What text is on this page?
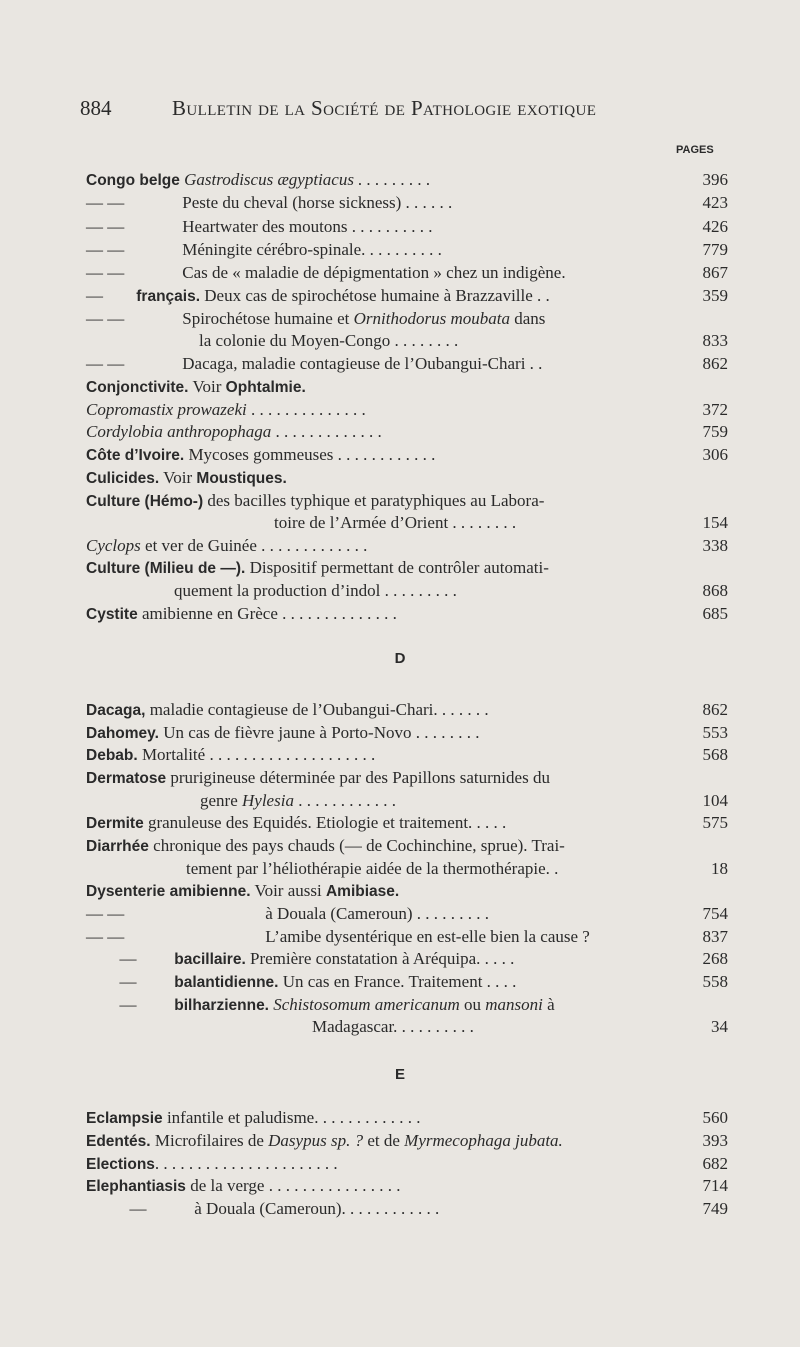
884	Bulletin de la Société de Pathologie exotique
PAGES
Congo belge Gastrodiscus ægyptiacus . . . . . . . . .	396
— —	Peste du cheval (horse sickness) . . . . . .	423
— —	Heartwater des moutons . . . . . . . . . .	426
— —	Méningite cérébro-spinale. . . . . . . . . .	779
— —	Cas de « maladie de dépigmentation » chez un indigène.	867
— français. Deux cas de spirochétose humaine à Brazzaville . .	359
— —	Spirochétose humaine et Ornithodorus moubata dans
la colonie du Moyen-Congo . . . . . . . .	833
— —	Dacaga, maladie contagieuse de l’Oubangui-Chari . .	862
Conjonctivite. Voir Ophtalmie.
Copromastix prowazeki . . . . . . . . . . . . . .	372
Cordylobia anthropophaga . . . . . . . . . . . . .	759
Côte d’Ivoire. Mycoses gommeuses . . . . . . . . . . . .	306
Culicides. Voir Moustiques.
Culture (Hémo-) des bacilles typhique et paratyphiques au Labora-
toire de l’Armée d’Orient . . . . . . . .	154
Cyclops et ver de Guinée . . . . . . . . . . . . .	338
Culture (Milieu de —). Dispositif permettant de contrôler automati-
quement la production d’indol . . . . . . . . .	868
Cystite amibienne en Grèce . . . . . . . . . . . . . .	685
D
Dacaga, maladie contagieuse de l’Oubangui-Chari. . . . . . .	862
Dahomey. Un cas de fièvre jaune à Porto-Novo . . . . . . . .	553
Debab. Mortalité . . . . . . . . . . . . . . . . . . . .	568
Dermatose prurigineuse déterminée par des Papillons saturnides du
genre Hylesia . . . . . . . . . . . .	104
Dermite granuleuse des Equidés. Etiologie et traitement. . . . .	575
Diarrhée chronique des pays chauds (— de Cochinchine, sprue). Trai-
tement par l’héliothérapie aidée de la thermothérapie. .	18
Dysenterie amibienne. Voir aussi Amibiase.
— —	à Douala (Cameroun) . . . . . . . . .	754
— —	L’amibe dysentérique en est-elle bien la cause ?	837
— bacillaire. Première constatation à Aréquipa. . . . .	268
— balantidienne. Un cas en France. Traitement . . . .	558
— bilharzienne. Schistosomum americanum ou mansoni à
Madagascar. . . . . . . . . .	34
E
Eclampsie infantile et paludisme. . . . . . . . . . . . .	560
Edentés. Microfilaires de Dasypus sp. ? et de Myrmecophaga jubata.	393
Elections. . . . . . . . . . . . . . . . . . . . . .	682
Elephantiasis de la verge . . . . . . . . . . . . . . . .	714
—	à Douala (Cameroun). . . . . . . . . . . .	749
